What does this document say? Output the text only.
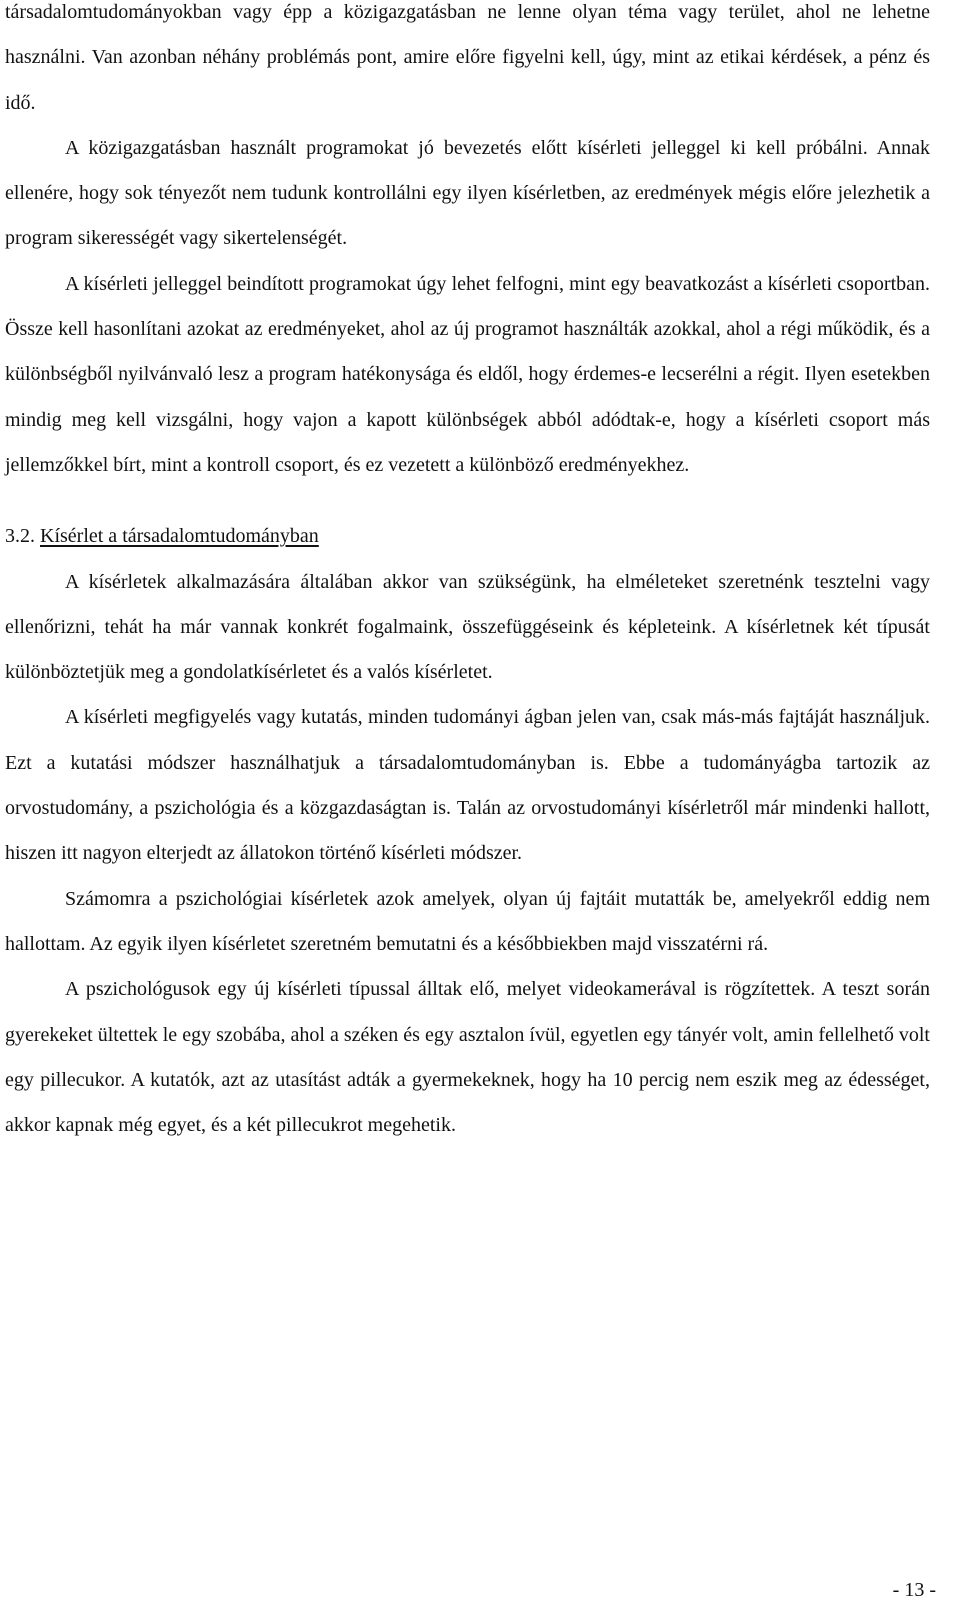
társadalomtudományokban vagy épp a közigazgatásban ne lenne olyan téma vagy terület, ahol ne lehetne használni. Van azonban néhány problémás pont, amire előre figyelni kell, úgy, mint az etikai kérdések, a pénz és idő.

A közigazgatásban használt programokat jó bevezetés előtt kísérleti jelleggel ki kell próbálni. Annak ellenére, hogy sok tényezőt nem tudunk kontrollálni egy ilyen kísérletben, az eredmények mégis előre jelezhetik a program sikerességét vagy sikertelenségét.

A kísérleti jelleggel beindított programokat úgy lehet felfogni, mint egy beavatkozást a kísérleti csoportban. Össze kell hasonlítani azokat az eredményeket, ahol az új programot használták azokkal, ahol a régi működik, és a különbségből nyilvánvaló lesz a program hatékonysága és eldől, hogy érdemes-e lecserélni a régit. Ilyen esetekben mindig meg kell vizsgálni, hogy vajon a kapott különbségek abból adódtak-e, hogy a kísérleti csoport más jellemzőkkel bírt, mint a kontroll csoport, és ez vezetett a különböző eredményekhez.

3.2. Kísérlet a társadalomtudományban

A kísérletek alkalmazására általában akkor van szükségünk, ha elméleteket szeretnénk tesztelni vagy ellenőrizni, tehát ha már vannak konkrét fogalmaink, összefüggéseink és képleteink. A kísérletnek két típusát különböztetjük meg a gondolatkísérletet és a valós kísérletet.

A kísérleti megfigyelés vagy kutatás, minden tudományi ágban jelen van, csak más-más fajtáját használjuk. Ezt a kutatási módszer használhatjuk a társadalomtudományban is. Ebbe a tudományágba tartozik az orvostudomány, a pszichológia és a közgazdaságtan is. Talán az orvostudományi kísérletről már mindenki hallott, hiszen itt nagyon elterjedt az állatokon történő kísérleti módszer.

Számomra a pszichológiai kísérletek azok amelyek, olyan új fajtáit mutatták be, amelyekről eddig nem hallottam. Az egyik ilyen kísérletet szeretném bemutatni és a későbbiekben majd visszatérni rá.

A pszichológusok egy új kísérleti típussal álltak elő, melyet videokamerával is rögzítettek. A teszt során gyerekeket ültettek le egy szobába, ahol a széken és egy asztalon ívül, egyetlen egy tányér volt, amin fellelhető volt egy pillecukor. A kutatók, azt az utasítást adták a gyermekeknek, hogy ha 10 percig nem eszik meg az édességet, akkor kapnak még egyet, és a két pillecukrot megehetik.

- 13 -
